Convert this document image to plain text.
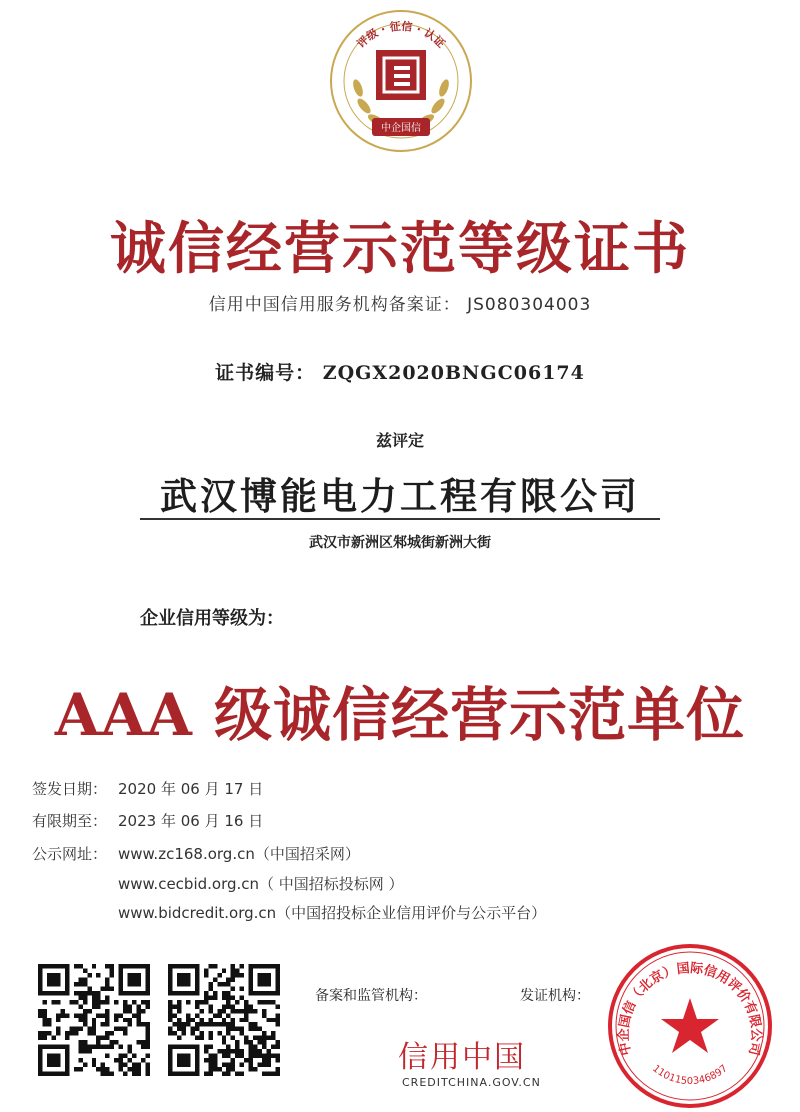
评级 · 征信 · 认证
中企国信
诚信经营示范等级证书
信用中国信用服务机构备案证： JS080304003
证书编号： ZQGX2020BNGC06174
兹评定
武汉博能电力工程有限公司
武汉市新洲区邾城街新洲大街
企业信用等级为：
AAA 级诚信经营示范单位
签发日期： 2020 年 06 月 17 日
有限期至： 2023 年 06 月 16 日
公示网址： www.zc168.org.cn（中国招采网）
www.cecbid.org.cn（ 中国招标投标网 ）
www.bidcredit.org.cn（中国招投标企业信用评价与公示平台）
备案和监管机构：	发证机构：
信用中国
CREDITCHINA.GOV.CN
中企国信（北京）国际信用评价有限公司
1101150346897
